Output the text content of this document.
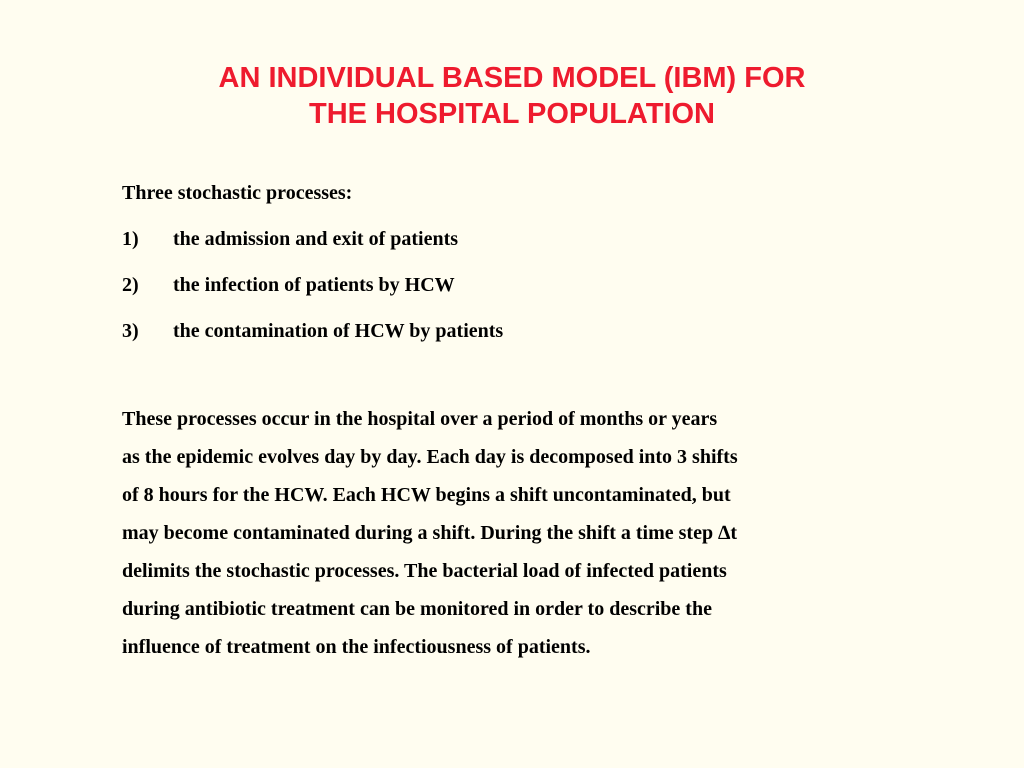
AN INDIVIDUAL BASED MODEL (IBM) FOR
THE HOSPITAL POPULATION
Three stochastic processes:
1)	the admission and exit of patients
2)	the infection of patients by HCW
3)	the contamination of HCW by patients

These processes occur in the hospital over a period of months or years
as the epidemic evolves day by day. Each day is decomposed into 3 shifts
of 8 hours for the HCW. Each HCW begins a shift uncontaminated, but
may become contaminated during a shift. During the shift a time step ∆t
delimits the stochastic processes. The bacterial load of infected patients
during antibiotic treatment can be monitored in order to describe the
influence of treatment on the infectiousness of patients.
